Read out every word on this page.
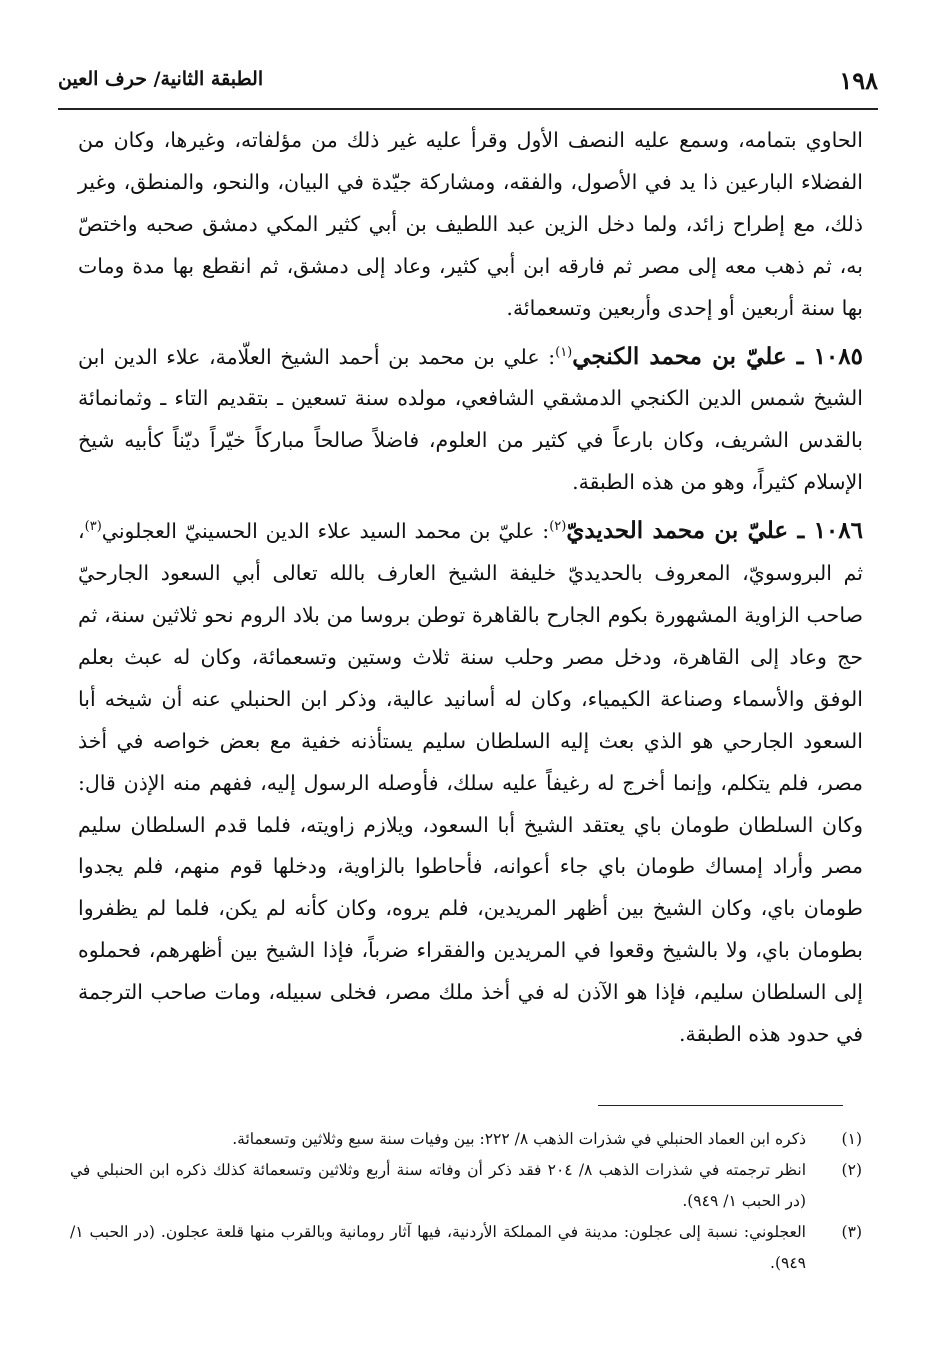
١٩٨
الطبقة الثانية/ حرف العين

الحاوي بتمامه، وسمع عليه النصف الأول وقرأ عليه غير ذلك من مؤلفاته، وغيرها، وكان من الفضلاء البارعين ذا يد في الأصول، والفقه، ومشاركة جيّدة في البيان، والنحو، والمنطق، وغير ذلك، مع إطراح زائد، ولما دخل الزين عبد اللطيف بن أبي كثير المكي دمشق صحبه واختصّ به، ثم ذهب معه إلى مصر ثم فارقه ابن أبي كثير، وعاد إلى دمشق، ثم انقطع بها مدة ومات بها سنة أربعين أو إحدى وأربعين وتسعمائة.

١٠٨٥ ـ عليّ بن محمد الكنجي$^{(١)}$: علي بن محمد بن أحمد الشيخ العلّامة، علاء الدين ابن الشيخ شمس الدين الكنجي الدمشقي الشافعي، مولده سنة تسعين ـ بتقديم التاء ـ وثمانمائة بالقدس الشريف، وكان بارعاً في كثير من العلوم، فاضلاً صالحاً مباركاً خيّراً ديّناً كأبيه شيخ الإسلام كثيراً، وهو من هذه الطبقة.

١٠٨٦ ـ عليّ بن محمد الحديديّ$^{(٢)}$: عليّ بن محمد السيد علاء الدين الحسينيّ العجلوني$^{(٣)}$، ثم البروسويّ، المعروف بالحديديّ خليفة الشيخ العارف بالله تعالى أبي السعود الجارحيّ صاحب الزاوية المشهورة بكوم الجارح بالقاهرة توطن بروسا من بلاد الروم نحو ثلاثين سنة، ثم حج وعاد إلى القاهرة، ودخل مصر وحلب سنة ثلاث وستين وتسعمائة، وكان له عبث بعلم الوفق والأسماء وصناعة الكيمياء، وكان له أسانيد عالية، وذكر ابن الحنبلي عنه أن شيخه أبا السعود الجارحي هو الذي بعث إليه السلطان سليم يستأذنه خفية مع بعض خواصه في أخذ مصر، فلم يتكلم، وإنما أخرج له رغيفاً عليه سلك، فأوصله الرسول إليه، ففهم منه الإذن قال: وكان السلطان طومان باي يعتقد الشيخ أبا السعود، ويلازم زاويته، فلما قدم السلطان سليم مصر وأراد إمساك طومان باي جاء أعوانه، فأحاطوا بالزاوية، ودخلها قوم منهم، فلم يجدوا طومان باي، وكان الشيخ بين أظهر المريدين، فلم يروه، وكان كأنه لم يكن، فلما لم يظفروا بطومان باي، ولا بالشيخ وقعوا في المريدين والفقراء ضرباً، فإذا الشيخ بين أظهرهم، فحملوه إلى السلطان سليم، فإذا هو الآذن له في أخذ ملك مصر، فخلى سبيله، ومات صاحب الترجمة في حدود هذه الطبقة.

(١)
ذكره ابن العماد الحنبلي في شذرات الذهب ٨/ ٢٢٢: بين وفيات سنة سبع وثلاثين وتسعمائة.
(٢)
انظر ترجمته في شذرات الذهب ٨/ ٢٠٤ فقد ذكر أن وفاته سنة أربع وثلاثين وتسعمائة كذلك ذكره ابن الحنبلي في (در الحبب ١/ ٩٤٩).
(٣)
العجلوني: نسبة إلى عجلون: مدينة في المملكة الأردنية، فيها آثار رومانية وبالقرب منها قلعة عجلون. (در الحبب ١/ ٩٤٩).
